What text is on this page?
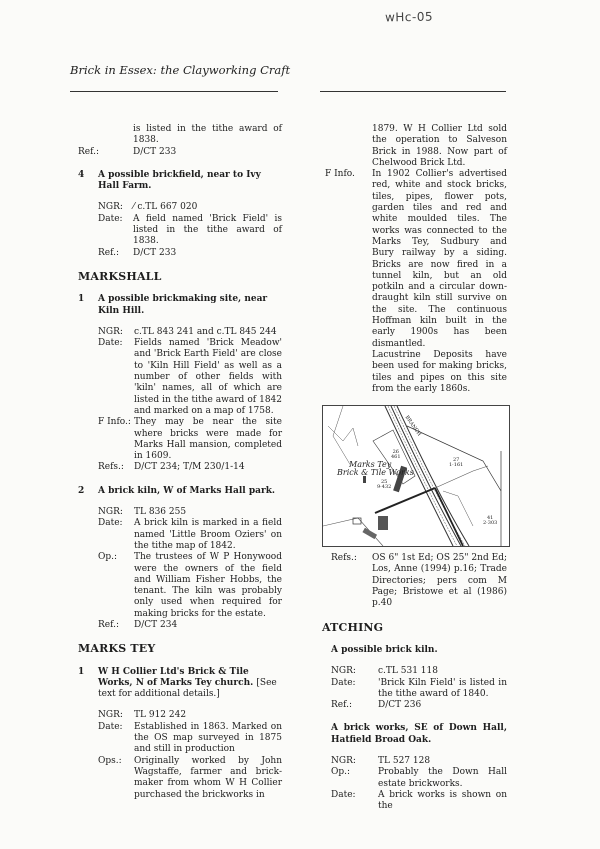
wHc-05
Brick in Essex: the Clayworking Craft
is listed in the tithe award of 1838.
Ref.:	D/CT 233
4	A possible brickfield, near to Ivy Hall Farm.
NGR:	⁄ c.TL 667 020
Date:	A field named 'Brick Field' is listed in the tithe award of 1838.
Ref.:	D/CT 233
MARKSHALL
1	A possible brickmaking site, near Kiln Hill.
NGR:	c.TL 843 241 and c.TL 845 244
Date:	Fields named 'Brick Meadow' and 'Brick Earth Field' are close to 'Kiln Hill Field' as well as a number of other fields with 'kiln' names, all of which are listed in the tithe award of 1842 and marked on a map of 1758.
F Info.: They may be near the site where bricks were made for Marks Hall mansion, completed in 1609.
Refs.:	D/CT 234; T/M 230/1-14
2	A brick kiln, W of Marks Hall park.
NGR:	TL 836 255
Date:	A brick kiln is marked in a field named 'Little Broom Oziers' on the tithe map of 1842.
Op.:	The trustees of W P Honywood were the owners of the field and William Fisher Hobbs, the tenant. The kiln was probably only used when required for making bricks for the estate.
Ref.:	D/CT 234
MARKS TEY
1	W H Collier Ltd's Brick & Tile Works, N of Marks Tey church. [See text for additional details.]
NGR:	TL 912 242
Date:	Established in 1863. Marked on the OS map surveyed in 1875 and still in production
Ops.:	Originally worked by John Wagstaffe, farmer and brick-maker from whom W H Collier purchased the brickworks in
1879. W H Collier Ltd sold the operation to Salveson Brick in 1988. Now part of Chelwood Brick Ltd.
F Info.	In 1902 Collier's advertised red, white and stock bricks, tiles, pipes, flower pots, garden tiles and red and white moulded tiles. The works was connected to the Marks Tey, Sudbury and Bury railway by a siding. Bricks are now fired in a tunnel kiln, but an old potkiln and a circular down-draught kiln still survive on the site. The continuous Hoffman kiln built in the early 1900s has been dismantled.
Lacustrine Deposits have been used for making bricks, tiles and pipes on this site from the early 1860s.
Marks Tey
Brick & Tile Works
BRANCH
26
461	27
1·161
25
9·432
41
2·303
Refs.:	OS 6" 1st Ed; OS 25" 2nd Ed; Los, Anne (1994) p.16; Trade Directories; pers com M Page; Bristowe et al (1986) p.40
ATCHING
A possible brick kiln.
NGR:	c.TL 531 118
Date:	'Brick Kiln Field' is listed in the tithe award of 1840.
Ref.:	D/CT 236
A brick works, SE of Down Hall, Hatfield Broad Oak.
NGR:	TL 527 128
Op.:	Probably the Down Hall estate brickworks.
Date:	A brick works is shown on the
